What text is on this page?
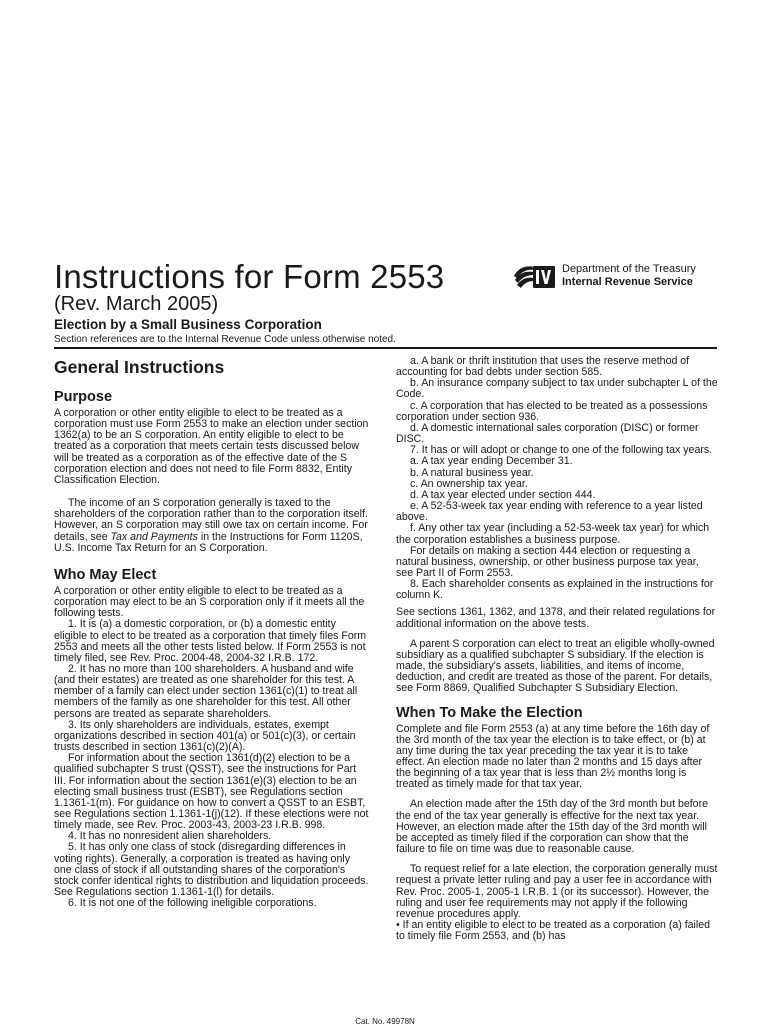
Instructions for Form 2553	Department of the Treasury
Internal Revenue Service
(Rev. March 2005)
Election by a Small Business Corporation
Section references are to the Internal Revenue Code unless otherwise noted.
General Instructions
Purpose

A corporation or other entity eligible to elect to be treated as a corporation must use Form 2553 to make an election under section 1362(a) to be an S corporation. An entity eligible to elect to be treated as a corporation that meets certain tests discussed below will be treated as a corporation as of the effective date of the S corporation election and does not need to file Form 8832, Entity Classification Election.

The income of an S corporation generally is taxed to the shareholders of the corporation rather than to the corporation itself. However, an S corporation may still owe tax on certain income. For details, see Tax and Payments in the Instructions for Form 1120S, U.S. Income Tax Return for an S Corporation.

Who May Elect

A corporation or other entity eligible to elect to be treated as a corporation may elect to be an S corporation only if it meets all the following tests.

1. It is (a) a domestic corporation, or (b) a domestic entity eligible to elect to be treated as a corporation that timely files Form 2553 and meets all the other tests listed below. If Form 2553 is not timely filed, see Rev. Proc. 2004-48, 2004-32 I.R.B. 172.

2. It has no more than 100 shareholders. A husband and wife (and their estates) are treated as one shareholder for this test. A member of a family can elect under section 1361(c)(1) to treat all members of the family as one shareholder for this test. All other persons are treated as separate shareholders.

3. Its only shareholders are individuals, estates, exempt organizations described in section 401(a) or 501(c)(3), or certain trusts described in section 1361(c)(2)(A).

For information about the section 1361(d)(2) election to be a qualified subchapter S trust (QSST), see the instructions for Part III. For information about the section 1361(e)(3) election to be an electing small business trust (ESBT), see Regulations section 1.1361-1(m). For guidance on how to convert a QSST to an ESBT, see Regulations section 1.1361-1(j)(12). If these elections were not timely made, see Rev. Proc. 2003-43, 2003-23 I.R.B. 998.

4. It has no nonresident alien shareholders.

5. It has only one class of stock (disregarding differences in voting rights). Generally, a corporation is treated as having only one class of stock if all outstanding shares of the corporation's stock confer identical rights to distribution and liquidation proceeds. See Regulations section 1.1361-1(l) for details.

6. It is not one of the following ineligible corporations.

a. A bank or thrift institution that uses the reserve method of accounting for bad debts under section 585.

b. An insurance company subject to tax under subchapter L of the Code.

c. A corporation that has elected to be treated as a possessions corporation under section 936.

d. A domestic international sales corporation (DISC) or former DISC.

7. It has or will adopt or change to one of the following tax years.

a. A tax year ending December 31.

b. A natural business year.

c. An ownership tax year.

d. A tax year elected under section 444.

e. A 52-53-week tax year ending with reference to a year listed above.

f. Any other tax year (including a 52-53-week tax year) for which the corporation establishes a business purpose.

For details on making a section 444 election or requesting a natural business, ownership, or other business purpose tax year, see Part II of Form 2553.

8. Each shareholder consents as explained in the instructions for column K.

See sections 1361, 1362, and 1378, and their related regulations for additional information on the above tests.

A parent S corporation can elect to treat an eligible wholly-owned subsidiary as a qualified subchapter S subsidiary. If the election is made, the subsidiary's assets, liabilities, and items of income, deduction, and credit are treated as those of the parent. For details, see Form 8869, Qualified Subchapter S Subsidiary Election.

When To Make the Election

Complete and file Form 2553 (a) at any time before the 16th day of the 3rd month of the tax year the election is to take effect, or (b) at any time during the tax year preceding the tax year it is to take effect. An election made no later than 2 months and 15 days after the beginning of a tax year that is less than 2½ months long is treated as timely made for that tax year.

An election made after the 15th day of the 3rd month but before the end of the tax year generally is effective for the next tax year. However, an election made after the 15th day of the 3rd month will be accepted as timely filed if the corporation can show that the failure to file on time was due to reasonable cause.

To request relief for a late election, the corporation generally must request a private letter ruling and pay a user fee in accordance with Rev. Proc. 2005-1, 2005-1 I.R.B. 1 (or its successor). However, the ruling and user fee requirements may not apply if the following revenue procedures apply.

• If an entity eligible to elect to be treated as a corporation (a) failed to timely file Form 2553, and (b) has

Cat. No. 49978N
